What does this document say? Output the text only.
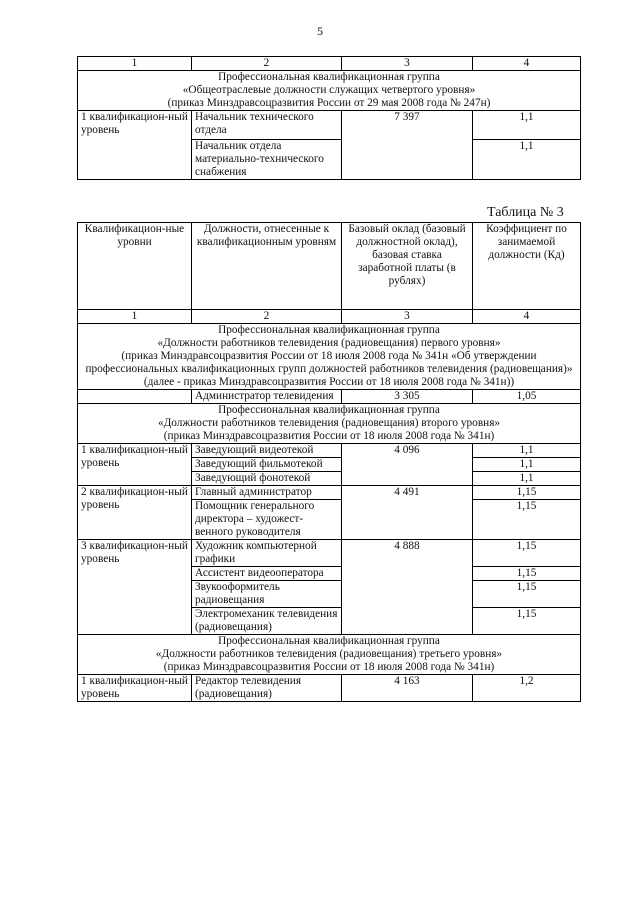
5
1	2	3	4

Профессиональная квалификационная группа
«Общеотраслевые должности служащих четвертого уровня»
(приказ Минздравсоцразвития России от 29 мая 2008 года № 247н)			

1 квалификацион-ный уровень	Начальник технического отдела	7 397	1,1
	Начальник отдела материально-технического снабжения		1,1
Таблица № 3
Квалификацион-ные уровни	Должности, отнесенные к квалификационным уровням	Базовый оклад (базовый должностной оклад), базовая ставка заработной платы (в рублях)	Коэффициент по занимаемой должности (Кд)
1	2	3	4

Профессиональная квалификационная группа
«Должности работников телевидения (радиовещания) первого уровня»
(приказ Минздравсоцразвития России от 18 июля 2008 года № 341н «Об утверждении профессиональных квалификационных групп должностей работников телевидения (радиовещания)»
(далее - приказ Минздравсоцразвития России от 18 июля 2008 года № 341н))			

	Администратор телевидения	3 305	1,05

Профессиональная квалификационная группа
«Должности работников телевидения (радиовещания) второго уровня»
(приказ Минздравсоцразвития России от 18 июля 2008 года № 341н)			

1 квалификацион-ный уровень	Заведующий видеотекой	4 096	1,1
	Заведующий фильмотекой		1,1
	Заведующий фонотекой		1,1
2 квалификацион-ный уровень	Главный администратор	4 491	1,15
	Помощник генерального директора – художест-венного руководителя		1,15
3 квалификацион-ный уровень	Художник компьютерной графики	4 888	1,15
	Ассистент видеооператора		1,15
	Звукооформитель радиовещания		1,15
	Электромеханик телевидения (радиовещания)		1,15

Профессиональная квалификационная группа
«Должности работников телевидения (радиовещания) третьего уровня»
(приказ Минздравсоцразвития России от 18 июля 2008 года № 341н)			

1 квалификацион-ный уровень	Редактор телевидения (радиовещания)	4 163	1,2
